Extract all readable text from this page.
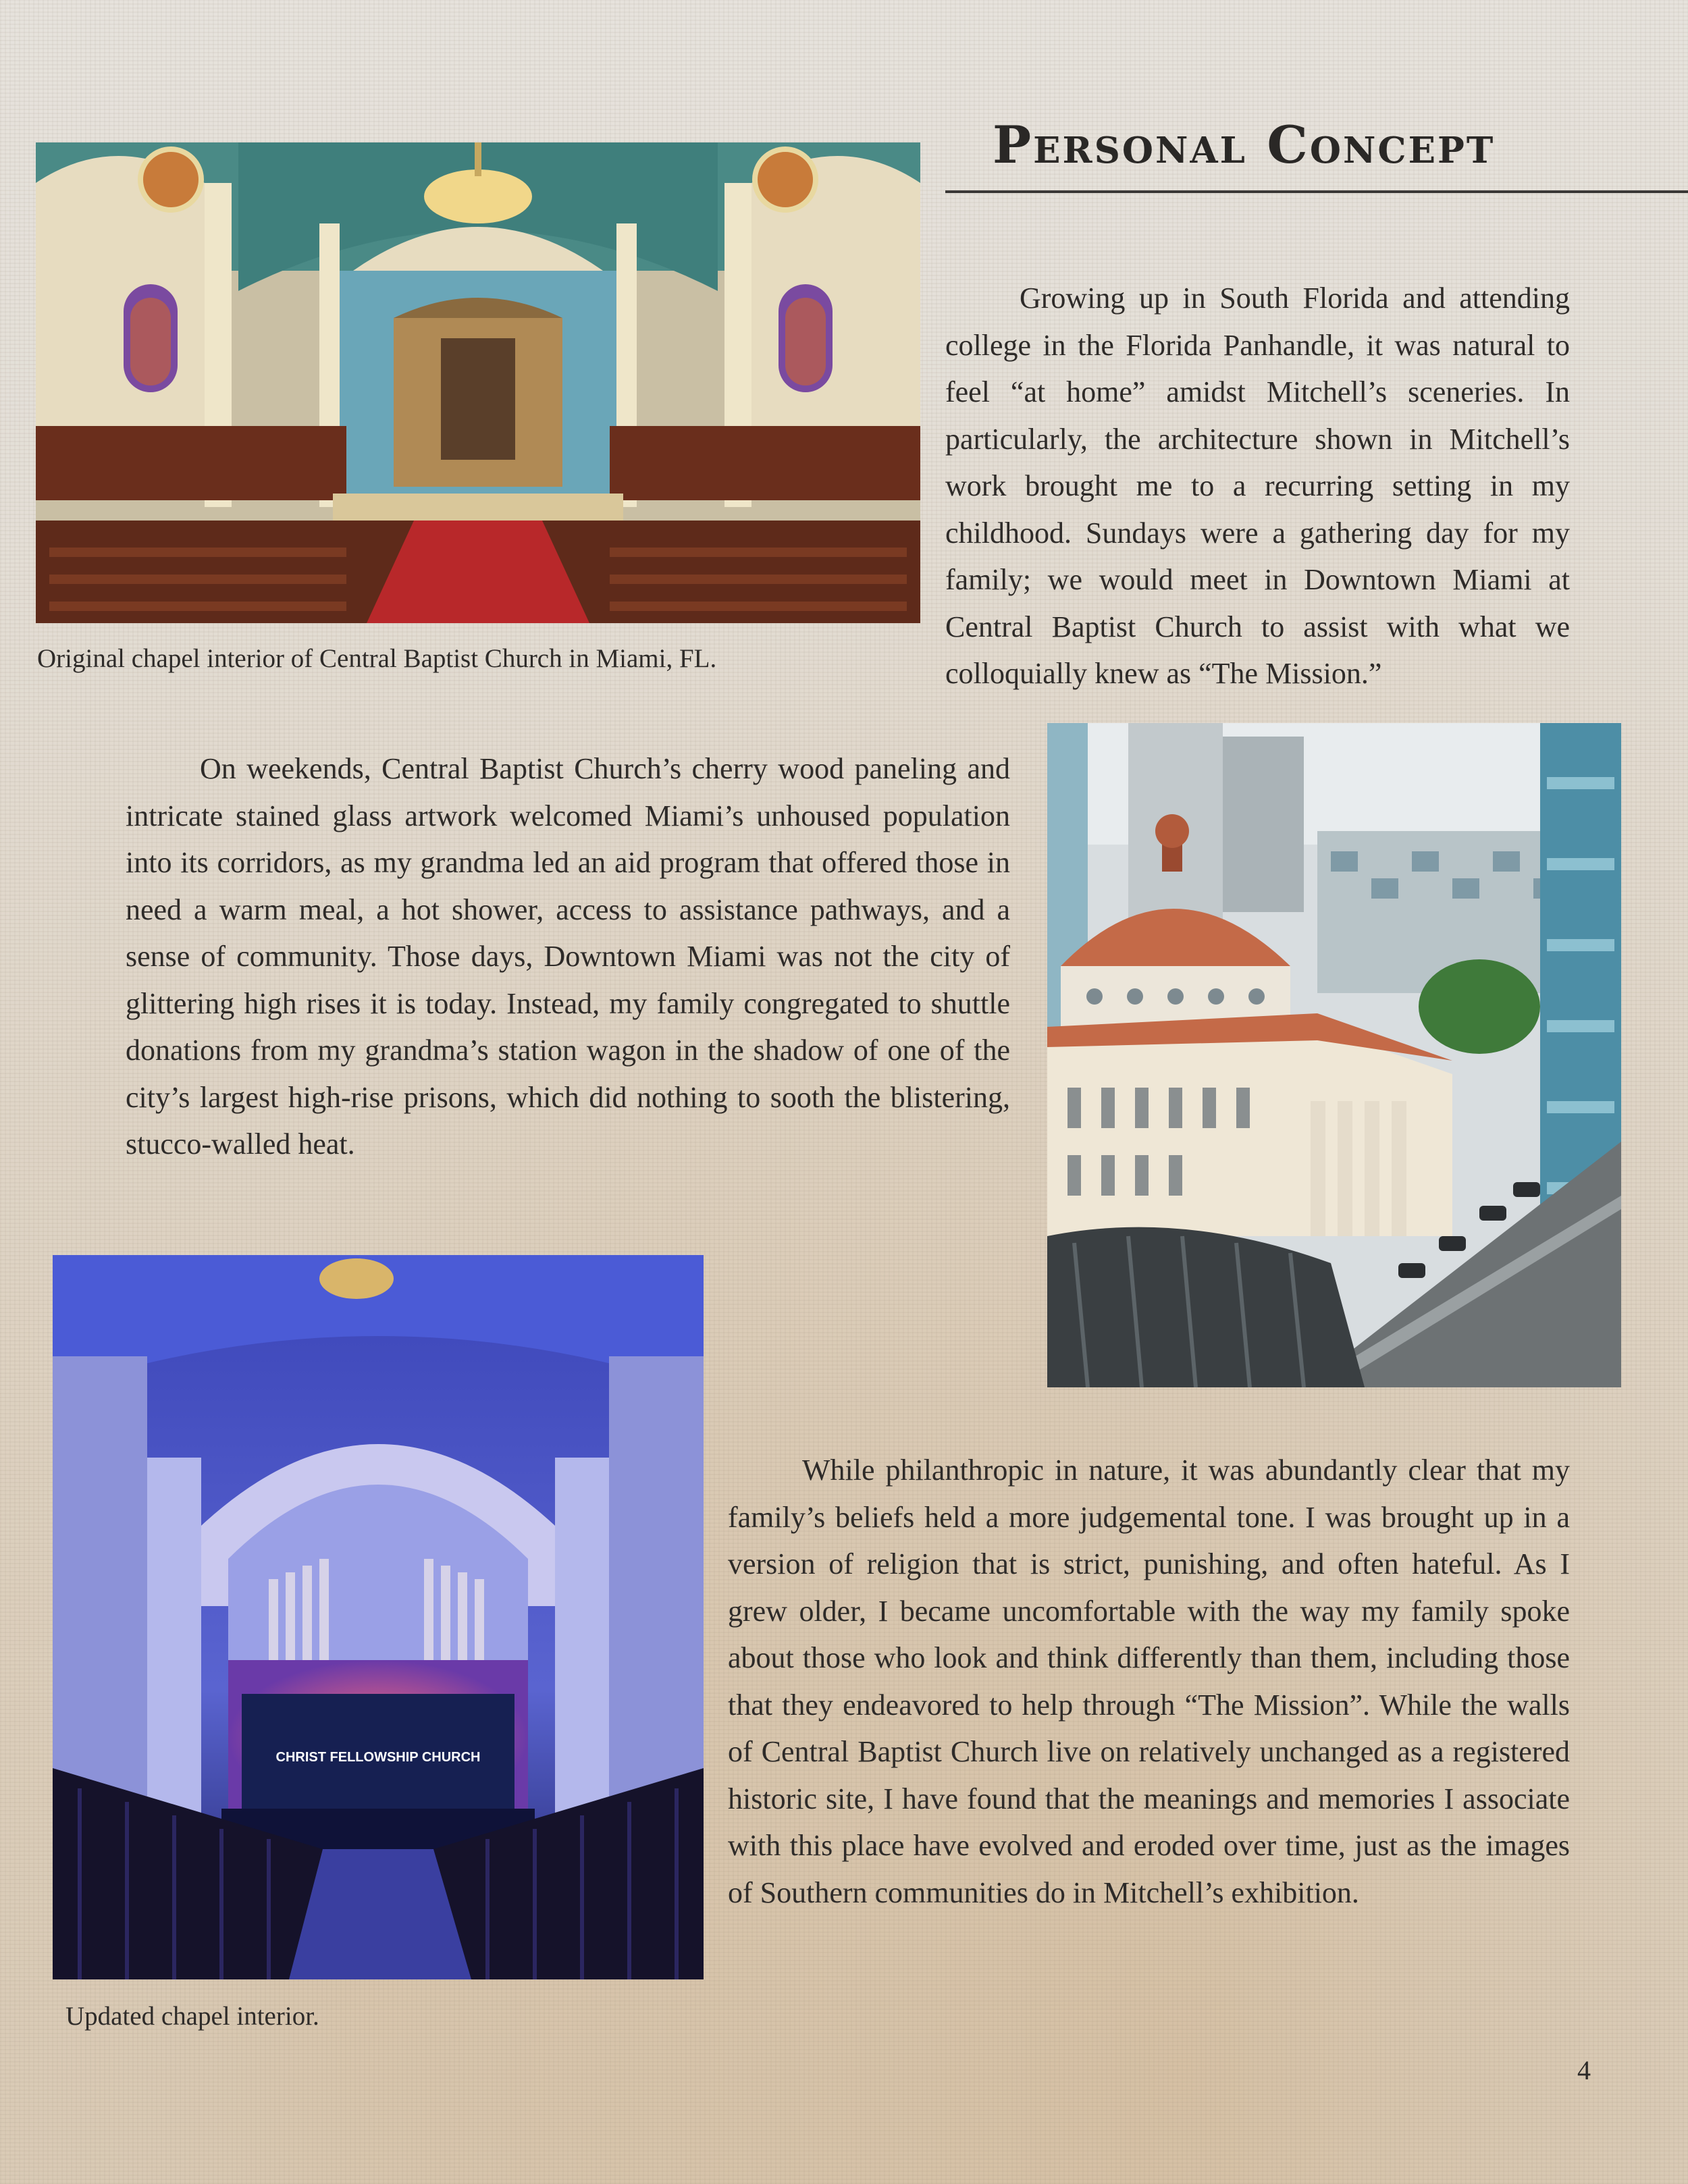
Personal Concept

Original chapel interior of Central Baptist Church in Miami, FL.

Growing up in South Florida and attending college in the Florida Panhandle, it was natural to feel “at home” amidst Mitchell’s sceneries. In particularly, the architecture shown in Mitchell’s work brought me to a recurring setting in my childhood. Sundays were a gathering day for my family; we would meet in Downtown Miami at Central Baptist Church to assist with what we colloquially knew as “The Mission.”

On weekends, Central Baptist Church’s cherry wood paneling and intricate stained glass artwork welcomed Miami’s unhoused population into its corridors, as my grandma led an aid program that offered those in need a warm meal, a hot shower, access to assistance pathways, and a sense of community. Those days, Downtown Miami was not the city of glittering high rises it is today. Instead, my family congregated to shuttle donations from my grandma’s station wagon in the shadow of one of the city’s largest high-rise prisons, which did nothing to sooth the blistering, stucco-walled heat.

CHRIST FELLOWSHIP CHURCH

Updated chapel interior.

While philanthropic in nature, it was abundantly clear that my family’s beliefs held a more judgemental tone. I was brought up in a version of religion that is strict, punishing, and often hateful. As I grew older, I became uncomfortable with the way my family spoke about those who look and think differently than them, including those that they endeavored to help through “The Mission”. While the walls of Central Baptist Church live on relatively unchanged as a registered historic site, I have found that the meanings and memories I associate with this place have evolved and eroded over time, just as the images of Southern communities do in Mitchell’s exhibition.

4
